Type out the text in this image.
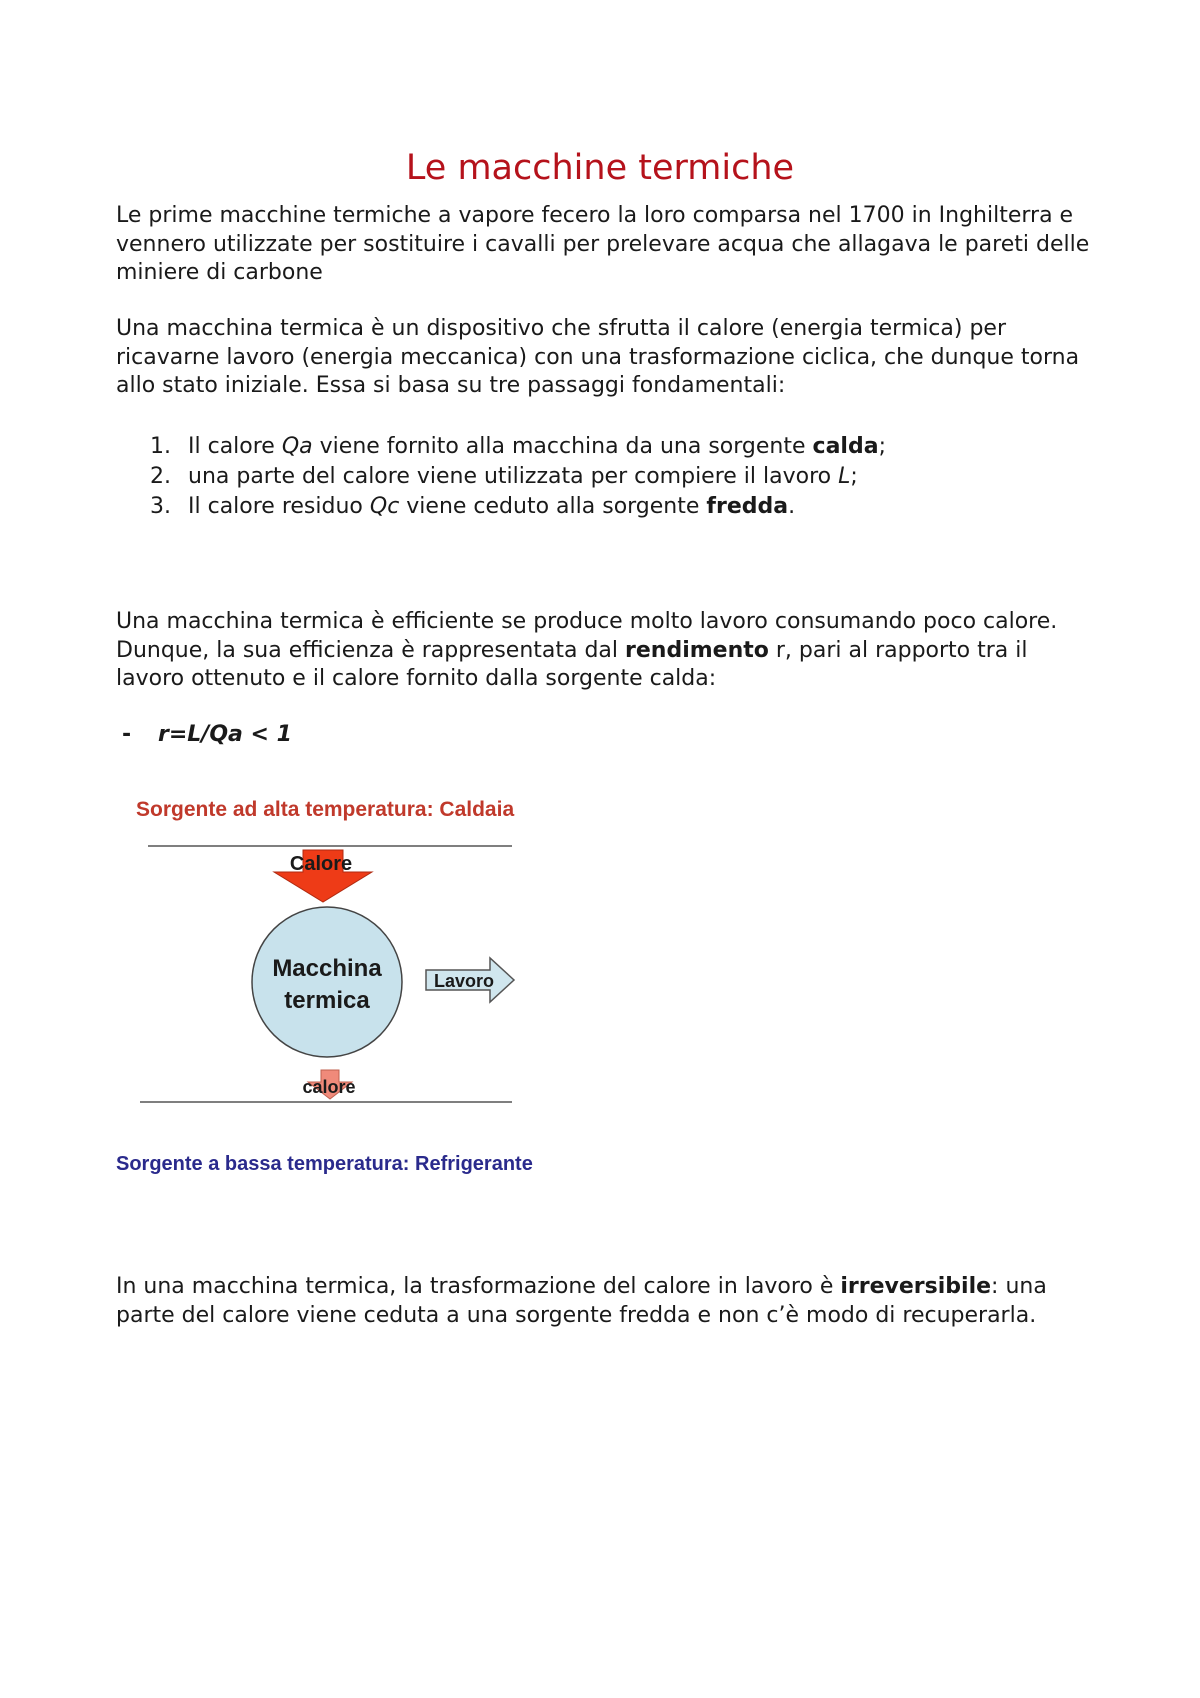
Le macchine termiche

Le prime macchine termiche a vapore fecero la loro comparsa nel 1700 in Inghilterra e vennero utilizzate per sostituire i cavalli per prelevare acqua che allagava le pareti delle miniere di carbone

Una macchina termica è un dispositivo che sfrutta il calore (energia termica) per ricavarne lavoro (energia meccanica) con una trasformazione ciclica, che dunque torna allo stato iniziale. Essa si basa su tre passaggi fondamentali:

1. Il calore Qa viene fornito alla macchina da una sorgente calda;
2. una parte del calore viene utilizzata per compiere il lavoro L;
3. Il calore residuo Qc viene ceduto alla sorgente fredda.

Una macchina termica è efficiente se produce molto lavoro consumando poco calore. Dunque, la sua efficienza è rappresentata dal rendimento r, pari al rapporto tra il lavoro ottenuto e il calore fornito dalla sorgente calda:

- r=L/Qa < 1
Sorgente ad alta temperatura: Caldaia
Calore
Macchina
termica
Lavoro
calore
Sorgente a bassa temperatura: Refrigerante

In una macchina termica, la trasformazione del calore in lavoro è irreversibile: una parte del calore viene ceduta a una sorgente fredda e non c’è modo di recuperarla.
